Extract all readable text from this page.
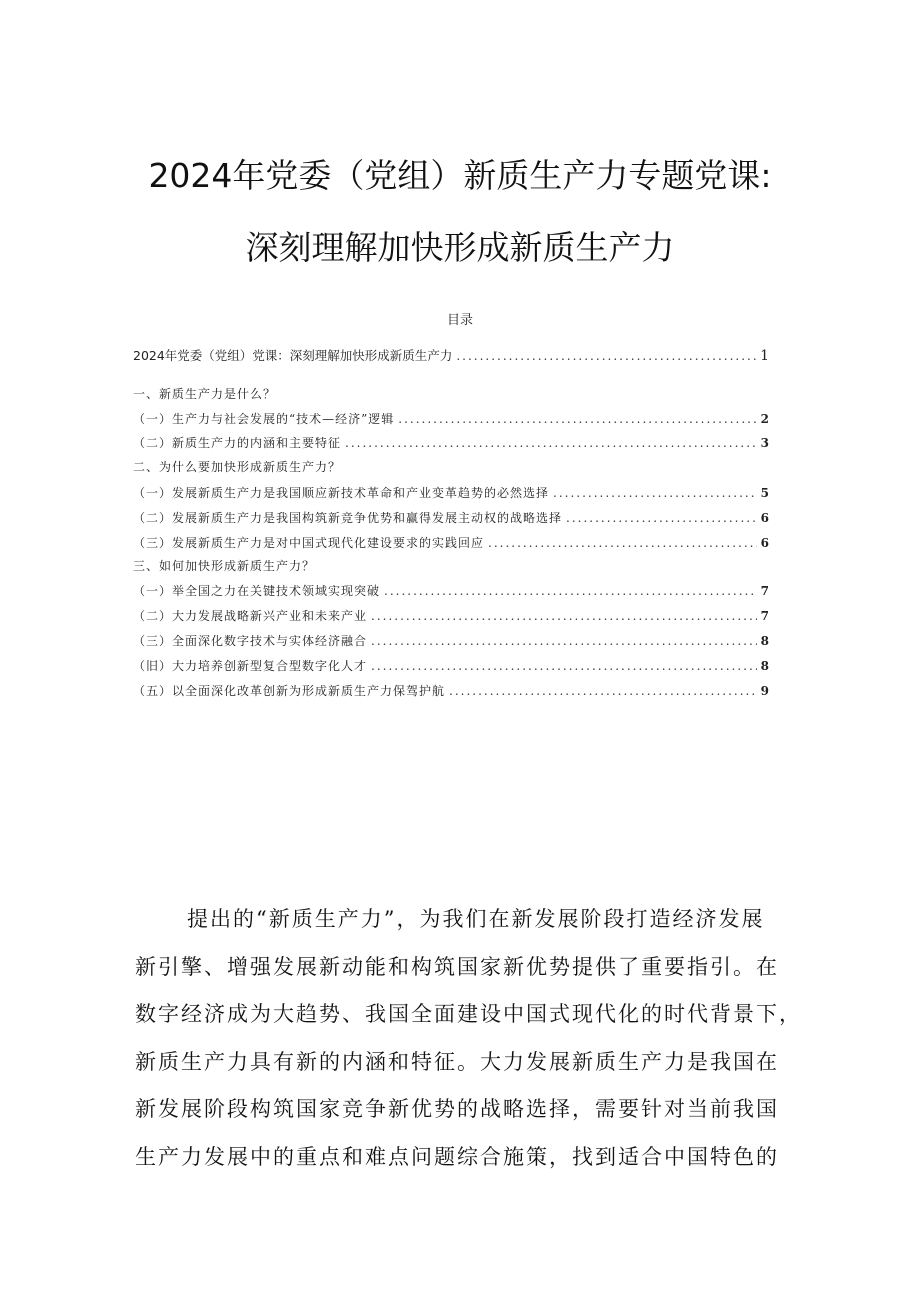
2024年党委（党组）新质生产力专题党课:
深刻理解加快形成新质生产力
目录
2024年党委（党组）党课：深刻理解加快形成新质生产力 .....	1
一、新质生产力是什么？
（一）生产力与社会发展的“技术—经济”逻辑 .....	2
（二）新质生产力的内涵和主要特征 .....	3
二、为什么要加快形成新质生产力？
（一）发展新质生产力是我国顺应新技术革命和产业变革趋势的必然选择 .....	5
（二）发展新质生产力是我国构筑新竞争优势和赢得发展主动权的战略选择 .....	6
（三）发展新质生产力是对中国式现代化建设要求的实践回应 .....	6
三、如何加快形成新质生产力？
（一）举全国之力在关键技术领域实现突破 .....	7
（二）大力发展战略新兴产业和未来产业 .....	7
（三）全面深化数字技术与实体经济融合 .....	8
（旧）大力培养创新型复合型数字化人才 .....	8
（五）以全面深化改革创新为形成新质生产力保驾护航 .....	9
提出的“新质生产力”，为我们在新发展阶段打造经济发展
新引擎、增强发展新动能和构筑国家新优势提供了重要指引。在
数字经济成为大趋势、我国全面建设中国式现代化的时代背景下，
新质生产力具有新的内涵和特征。大力发展新质生产力是我国在
新发展阶段构筑国家竞争新优势的战略选择，需要针对当前我国
生产力发展中的重点和难点问题综合施策，找到适合中国特色的
